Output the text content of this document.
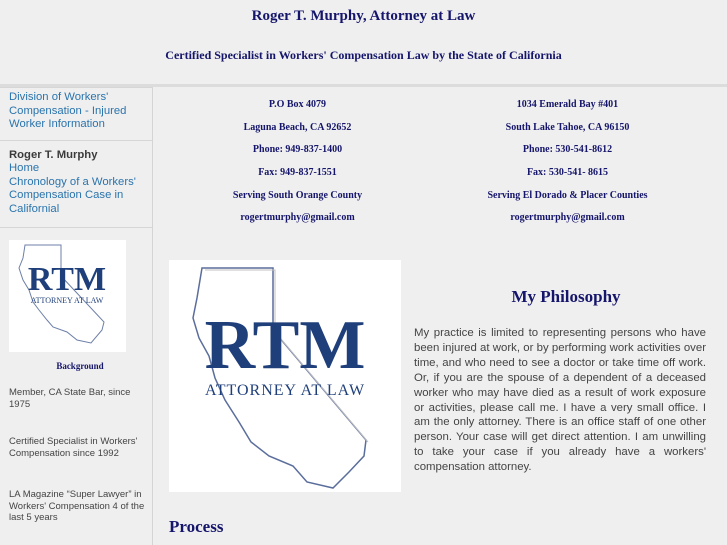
Roger T. Murphy, Attorney at Law
Certified Specialist in Workers' Compensation Law by the State of California
Division of Workers' Compensation - Injured Worker Information
Roger T. Murphy
Home
Chronology of a Workers' Compensation Case in Californial
RTM
ATTORNEY AT LAW
Background
Member, CA State Bar, since 1975
Certified Specialist in Workers' Compensation since 1992
LA Magazine “Super Lawyer” in Workers' Compensation 4 of the last 5 years
P.O Box 4079
Laguna Beach, CA 92652
Phone: 949-837-1400
Fax: 949-837-1551
Serving South Orange County
rogertmurphy@gmail.com
1034 Emerald Bay #401
South Lake Tahoe, CA 96150
Phone: 530-541-8612
Fax: 530-541- 8615
Serving El Dorado & Placer Counties
rogertmurphy@gmail.com
RTM
ATTORNEY AT LAW
My Philosophy
My practice is limited to representing persons who have been injured at work, or by performing work activities over time, and who need to see a doctor or take time off work. Or, if you are the spouse of a dependent of a deceased worker who may have died as a result of work exposure or activities, please call me. I have a very small office. I am the only attorney. There is an office staff of one other person. Your case will get direct attention. I am unwilling to take your case if you already have a workers' compensation attorney.
Process
